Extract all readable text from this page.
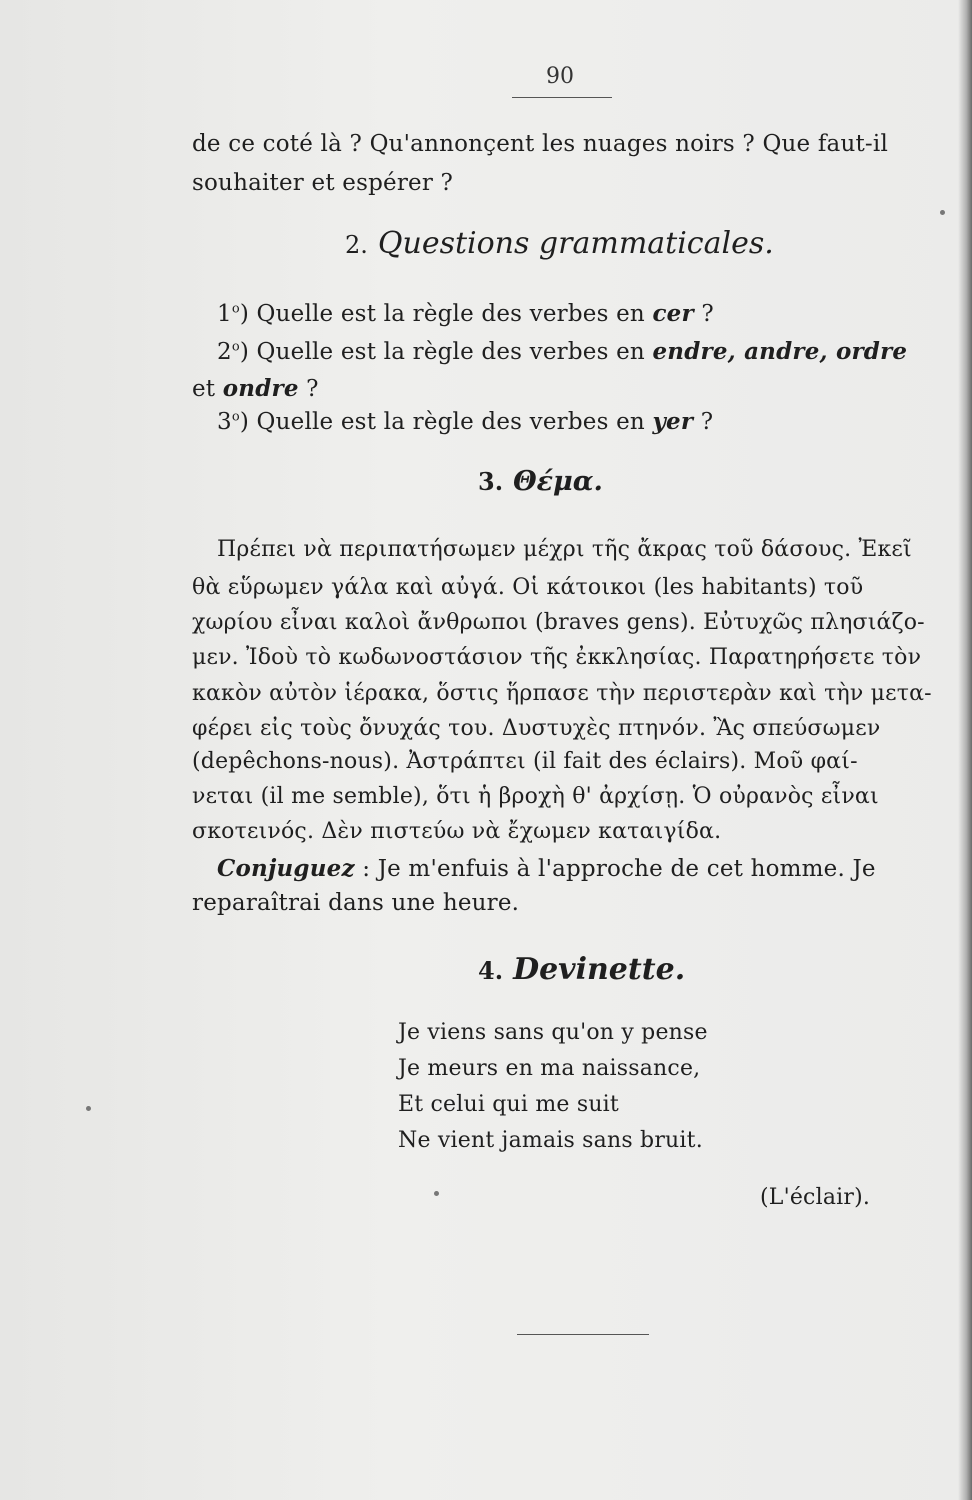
90
de ce coté là ? Qu'annonçent les nuages noirs ? Que faut-il
souhaiter et espérer ?
2. Questions grammaticales.
1$^o$) Quelle est la règle des verbes en cer ?
2$^o$) Quelle est la règle des verbes en endre, andre, ordre
et ondre ?
3$^o$) Quelle est la règle des verbes en yer ?
3. Θέμα.
Πρέπει νὰ περιπατήσωμεν μέχρι τῆς ἄκρας τοῦ δάσους. Ἐκεῖ
θὰ εὕρωμεν γάλα καὶ αὐγά. Οἱ κάτοικοι (les habitants) τοῦ
χωρίου εἶναι καλοὶ ἄνθρωποι (braves gens). Εὐτυχῶς πλησιάζο-
μεν. Ἰδοὺ τὸ κωδωνοστάσιον τῆς ἐκκλησίας. Παρατηρήσετε τὸν
κακὸν αὐτὸν ἱέρακα, ὅστις ἥρπασε τὴν περιστερὰν καὶ τὴν μετα-
φέρει εἰς τοὺς ὄνυχάς του. Δυστυχὲς πτηνόν. Ἂς σπεύσωμεν
(depêchons-nous). Ἀστράπτει (il fait des éclairs). Μοῦ φαί-
νεται (il me semble), ὅτι ἡ βροχὴ θ' ἀρχίσῃ. Ὁ οὐρανὸς εἶναι
σκοτεινός. Δὲν πιστεύω νὰ ἔχωμεν καταιγίδα.
Conjuguez : Je m'enfuis à l'approche de cet homme. Je
reparaîtrai dans une heure.
4. Devinette.
Je viens sans qu'on y pense
Je meurs en ma naissance,
Et celui qui me suit
Ne vient jamais sans bruit.
(L'éclair).
